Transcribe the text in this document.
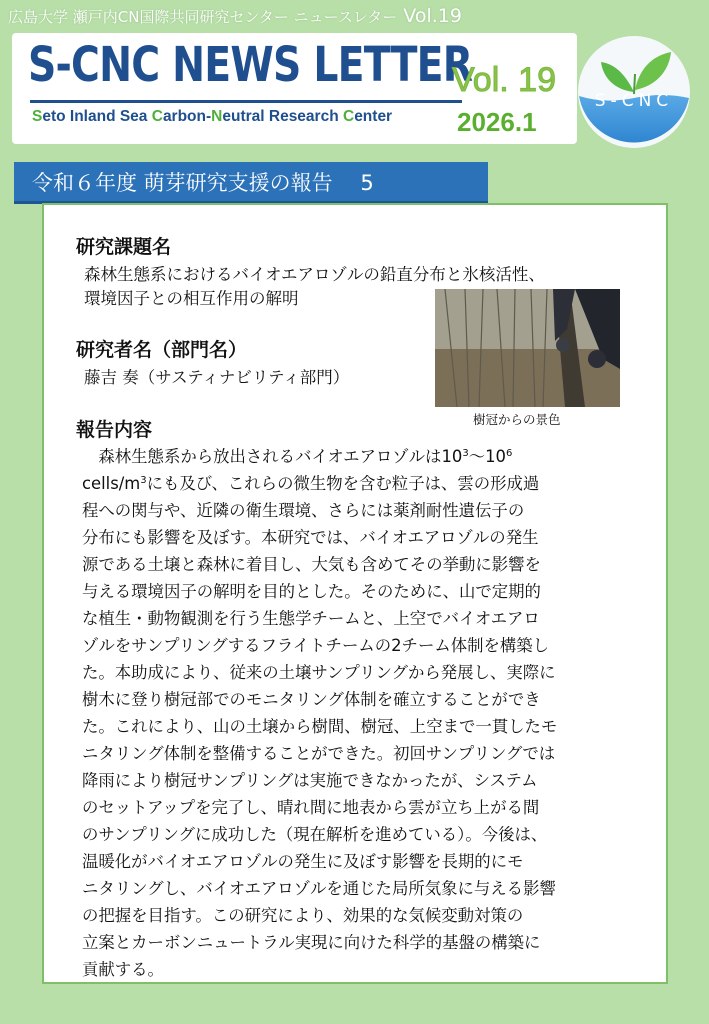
広島大学 瀬戸内CN国際共同研究センター ニュースレター Vol.19
S-CNC NEWS LETTER
Seto Inland Sea Carbon-Neutral Research Center
Vol. 19
2026.1
S-CNC
令和６年度 萌芽研究支援の報告　 5
研究課題名
森林生態系におけるバイオエアロゾルの鉛直分布と氷核活性、
環境因子との相互作用の解明
研究者名（部門名）
藤吉 奏（サスティナビリティ部門）
樹冠からの景色
報告内容
　森林生態系から放出されるバイオエアロゾルは$10^3\sim 10^6$
cells/$m^3$にも及び、これらの微生物を含む粒子は、雲の形成過
程への関与や、近隣の衛生環境、さらには薬剤耐性遺伝子の
分布にも影響を及ぼす。本研究では、バイオエアロゾルの発生
源である土壌と森林に着目し、大気も含めてその挙動に影響を
与える環境因子の解明を目的とした。そのために、山で定期的
な植生・動物観測を行う生態学チームと、上空でバイオエアロ
ゾルをサンプリングするフライトチームの2チーム体制を構築し
た。本助成により、従来の土壌サンプリングから発展し、実際に
樹木に登り樹冠部でのモニタリング体制を確立することができ
た。これにより、山の土壌から樹間、樹冠、上空まで一貫したモ
ニタリング体制を整備することができた。初回サンプリングでは
降雨により樹冠サンプリングは実施できなかったが、システム
のセットアップを完了し、晴れ間に地表から雲が立ち上がる間
のサンプリングに成功した（現在解析を進めている）。今後は、
温暖化がバイオエアロゾルの発生に及ぼす影響を長期的にモ
ニタリングし、バイオエアロゾルを通じた局所気象に与える影響
の把握を目指す。この研究により、効果的な気候変動対策の
立案とカーボンニュートラル実現に向けた科学的基盤の構築に
貢献する。
